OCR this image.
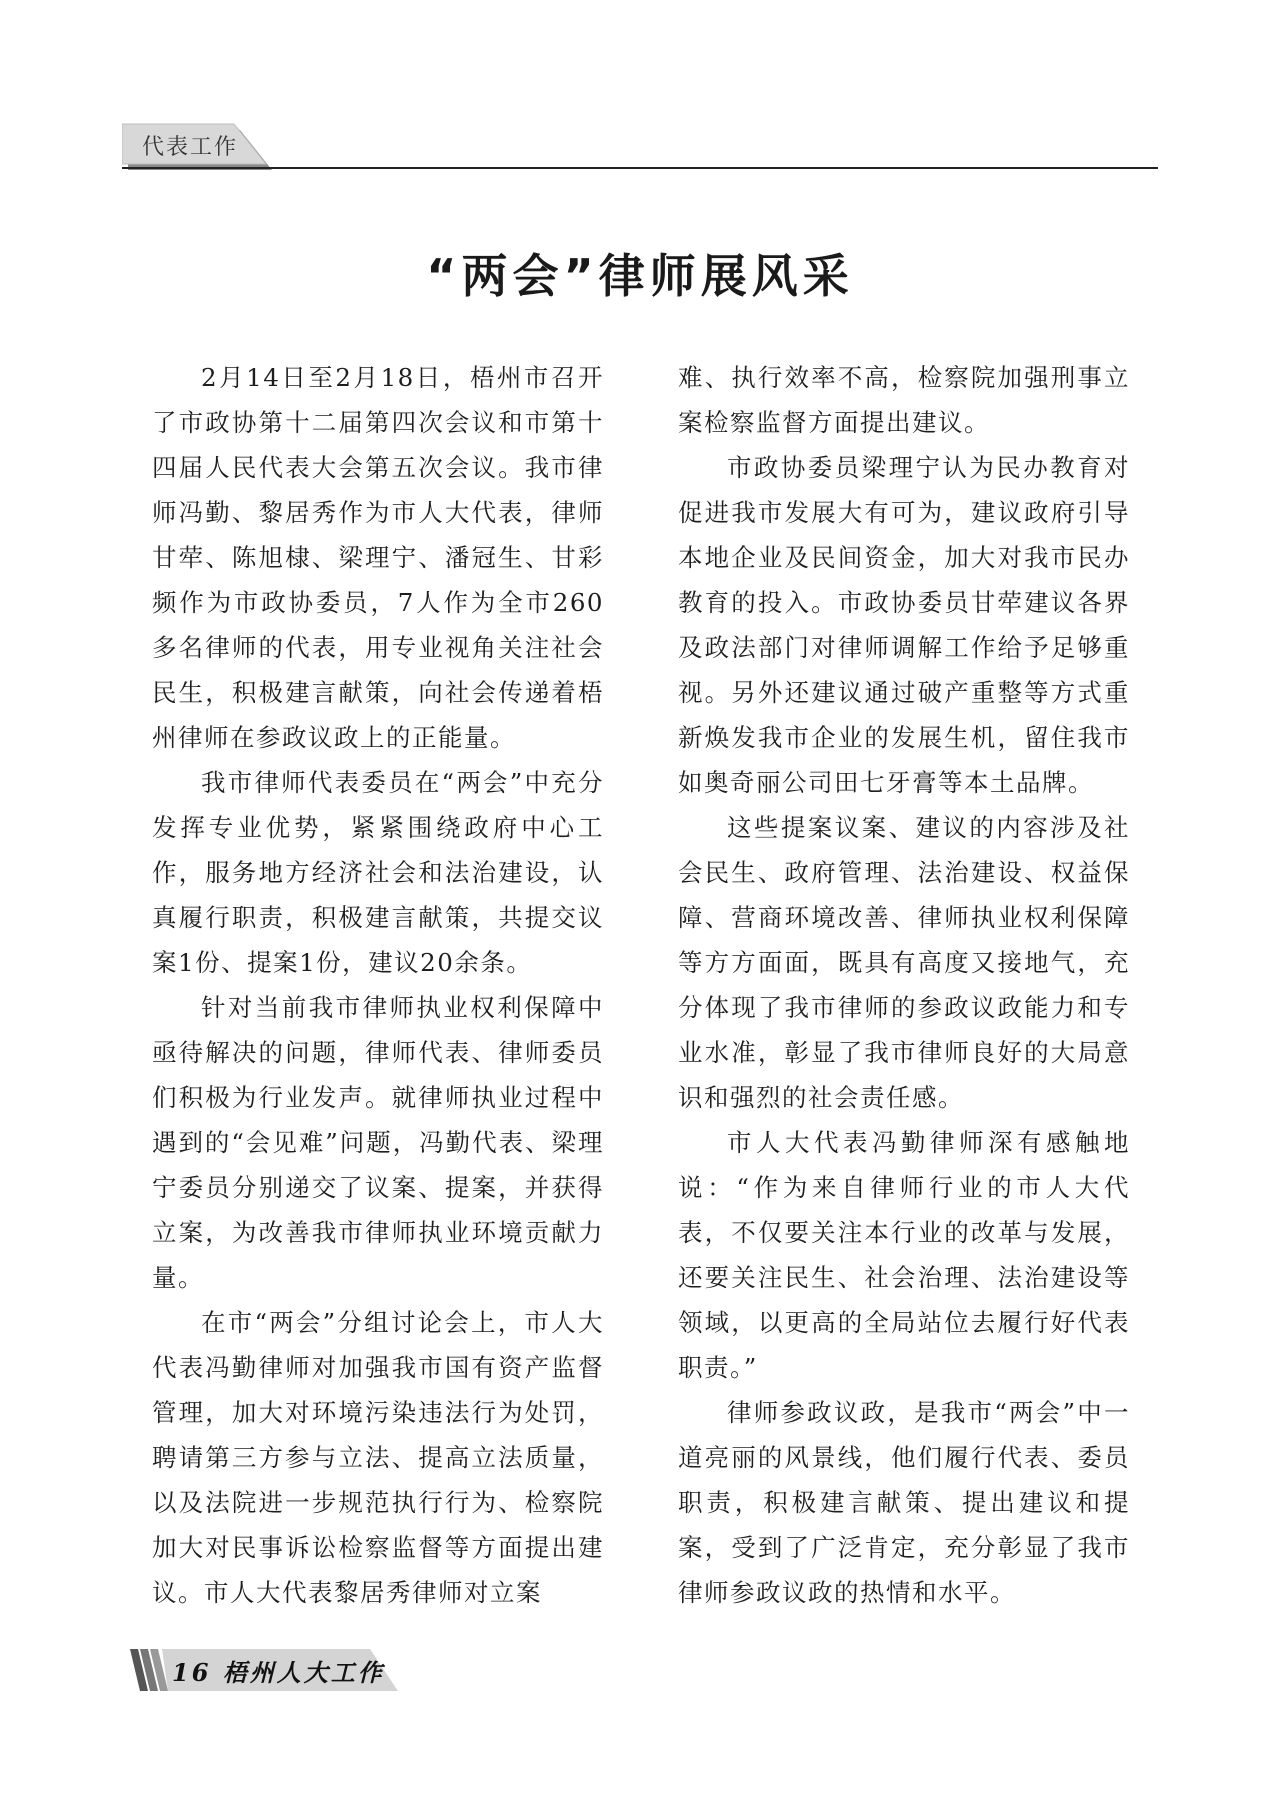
代表工作
“两会”律师展风采

2月14日至2月18日，梧州市召开了市政协第十二届第四次会议和市第十四届人民代表大会第五次会议。我市律师冯勤、黎居秀作为市人大代表，律师甘荦、陈旭棣、梁理宁、潘冠生、甘彩频作为市政协委员，7人作为全市260多名律师的代表，用专业视角关注社会民生，积极建言献策，向社会传递着梧州律师在参政议政上的正能量。

我市律师代表委员在“两会”中充分发挥专业优势，紧紧围绕政府中心工作，服务地方经济社会和法治建设，认真履行职责，积极建言献策，共提交议案1份、提案1份，建议20余条。

针对当前我市律师执业权利保障中亟待解决的问题，律师代表、律师委员们积极为行业发声。就律师执业过程中遇到的“会见难”问题，冯勤代表、梁理宁委员分别递交了议案、提案，并获得立案，为改善我市律师执业环境贡献力量。

在市“两会”分组讨论会上，市人大代表冯勤律师对加强我市国有资产监督管理，加大对环境污染违法行为处罚，聘请第三方参与立法、提高立法质量，以及法院进一步规范执行行为、检察院加大对民事诉讼检察监督等方面提出建议。市人大代表黎居秀律师对立案

难、执行效率不高，检察院加强刑事立案检察监督方面提出建议。

市政协委员梁理宁认为民办教育对促进我市发展大有可为，建议政府引导本地企业及民间资金，加大对我市民办教育的投入。市政协委员甘荦建议各界及政法部门对律师调解工作给予足够重视。另外还建议通过破产重整等方式重新焕发我市企业的发展生机，留住我市如奥奇丽公司田七牙膏等本土品牌。

这些提案议案、建议的内容涉及社会民生、政府管理、法治建设、权益保障、营商环境改善、律师执业权利保障等方方面面，既具有高度又接地气，充分体现了我市律师的参政议政能力和专业水准，彰显了我市律师良好的大局意识和强烈的社会责任感。

市人大代表冯勤律师深有感触地说：“作为来自律师行业的市人大代表，不仅要关注本行业的改革与发展，还要关注民生、社会治理、法治建设等领域，以更高的全局站位去履行好代表职责。”

律师参政议政，是我市“两会”中一道亮丽的风景线，他们履行代表、委员职责，积极建言献策、提出建议和提案，受到了广泛肯定，充分彰显了我市律师参政议政的热情和水平。

16 梧州人大工作
